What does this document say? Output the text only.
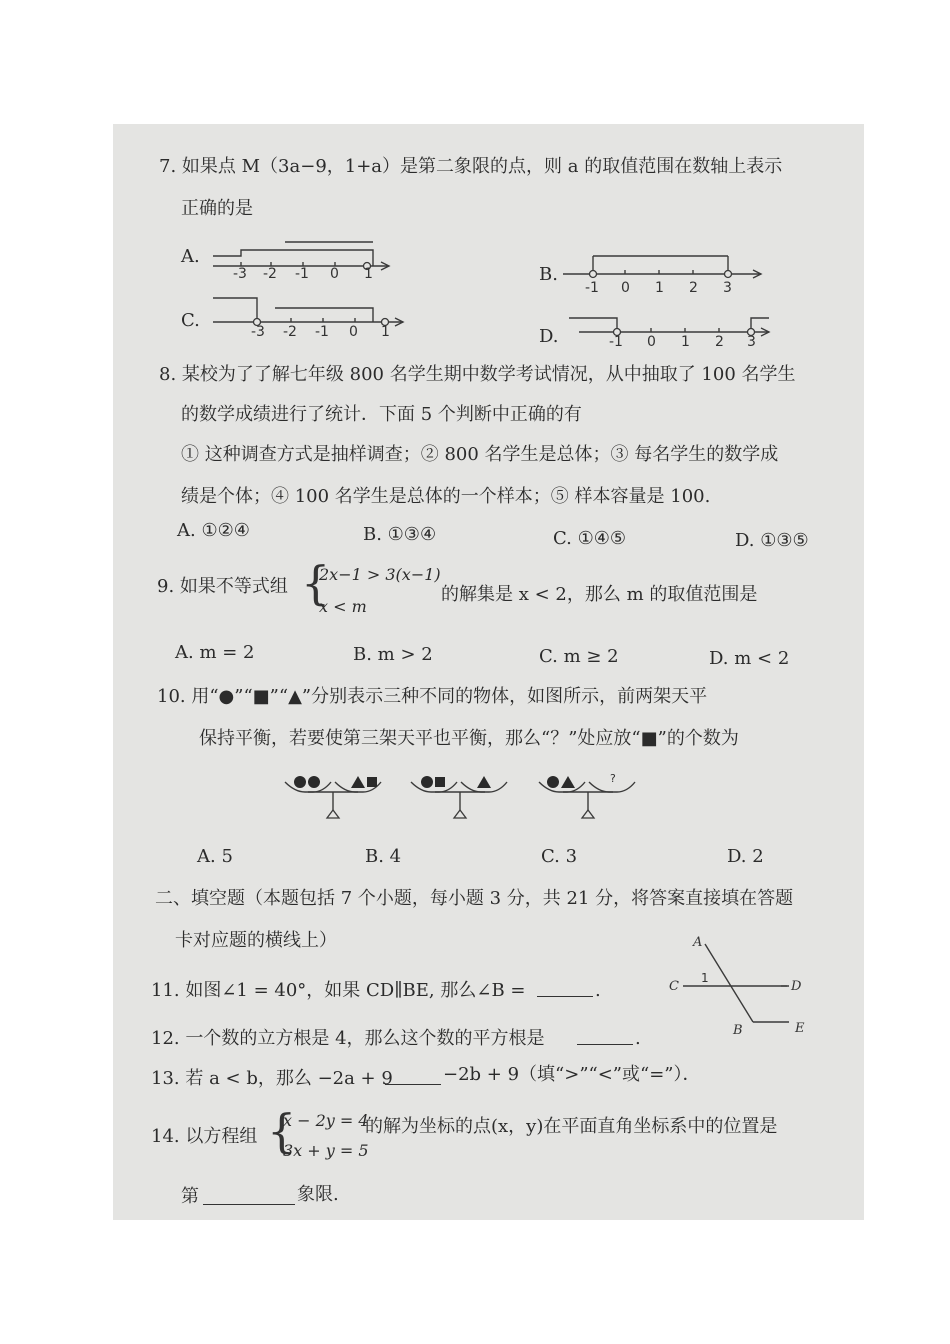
7. 如果点 M（3a−9，1+a）是第二象限的点，则 a 的取值范围在数轴上表示
正确的是
A.
-3 -2 -1 0 1	B.
-1 0 1 2 3
C.
-3 -2 -1 0 1	D.	-1 0 1 2 3
8. 某校为了了解七年级 800 名学生期中数学考试情况，从中抽取了 100 名学生
的数学成绩进行了统计．下面 5 个判断中正确的有
① 这种调查方式是抽样调查；② 800 名学生是总体；③ 每名学生的数学成
绩是个体；④ 100 名学生是总体的一个样本；⑤ 样本容量是 100.
A. ①②④	B. ①③④	C. ①④⑤	D. ①③⑤
9. 如果不等式组 {
2x−1 > 3(x−1)
x < m
的解集是 x < 2，那么 m 的取值范围是
A. m = 2	B. m > 2	C. m ≥ 2	D. m < 2
10. 用“●”“■”“▲”分别表示三种不同的物体，如图所示，前两架天平
保持平衡，若要使第三架天平也平衡，那么“？”处应放“■”的个数为
?
A. 5	B. 4	C. 3	D. 2
二、填空题（本题包括 7 个小题，每小题 3 分，共 21 分，将答案直接填在答题
卡对应题的横线上）
11. 如图∠1 = 40°，如果 CD∥BE, 那么∠B =	.
A
C	D
B	E
1
12. 一个数的立方根是 4，那么这个数的平方根是	.
13. 若 a < b，那么 −2a + 9	−2b + 9（填“>”“<”或“=”）．
14. 以方程组 {
x − 2y = 4
3x + y = 5
的解为坐标的点(x，y)在平面直角坐标系中的位置是
第	象限.
